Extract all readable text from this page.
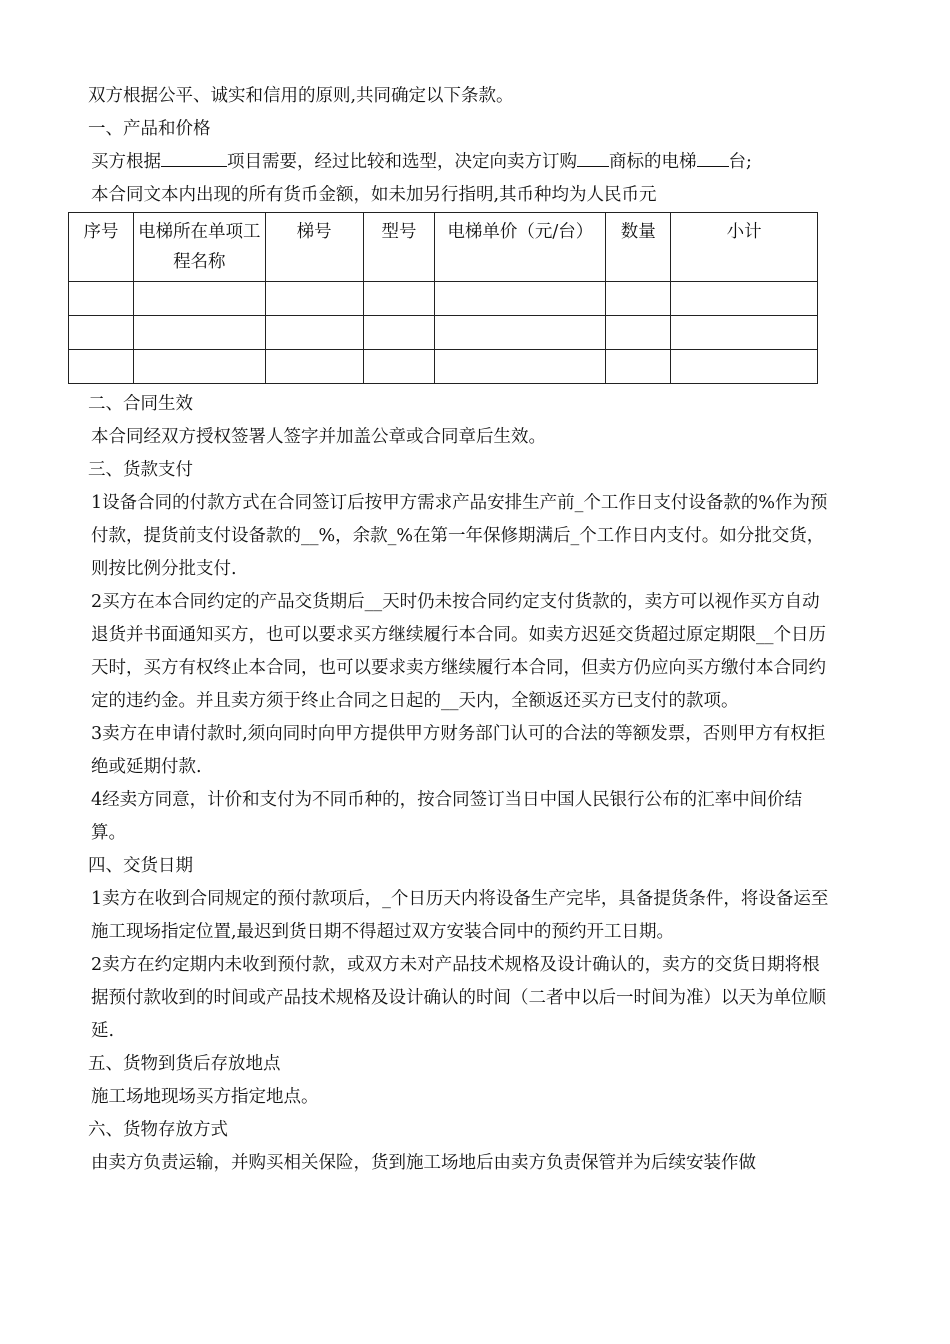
双方根据公平、诚实和信用的原则,共同确定以下条款。
一、产品和价格
买方根据	项目需要，经过比较和选型，决定向卖方订购 商标的电梯 台;
本合同文本内出现的所有货币金额，如未加另行指明,其币种均为人民币元
序号	电梯所在单项工程名称	梯号	型号	电梯单价（元/台）	数量	小计

二、合同生效
本合同经双方授权签署人签字并加盖公章或合同章后生效。
三、货款支付

1设备合同的付款方式在合同签订后按甲方需求产品安排生产前_个工作日支付设备款的%作为预付款，提货前支付设备款的__%，余款_%在第一年保修期满后_个工作日内支付。如分批交货，则按比例分批支付.

2买方在本合同约定的产品交货期后__天时仍未按合同约定支付货款的，卖方可以视作买方自动退货并书面通知买方，也可以要求买方继续履行本合同。如卖方迟延交货超过原定期限__个日历天时，买方有权终止本合同，也可以要求卖方继续履行本合同，但卖方仍应向买方缴付本合同约定的违约金。并且卖方须于终止合同之日起的__天内，全额返还买方已支付的款项。

3卖方在申请付款时,须向同时向甲方提供甲方财务部门认可的合法的等额发票，否则甲方有权拒绝或延期付款.

4经卖方同意，计价和支付为不同币种的，按合同签订当日中国人民银行公布的汇率中间价结算。

四、交货日期

1卖方在收到合同规定的预付款项后，_个日历天内将设备生产完毕，具备提货条件，将设备运至施工现场指定位置,最迟到货日期不得超过双方安装合同中的预约开工日期。

2卖方在约定期内未收到预付款，或双方未对产品技术规格及设计确认的，卖方的交货日期将根据预付款收到的时间或产品技术规格及设计确认的时间（二者中以后一时间为准）以天为单位顺延.

五、货物到货后存放地点
施工场地现场买方指定地点。
六、货物存放方式
由卖方负责运输，并购买相关保险，货到施工场地后由卖方负责保管并为后续安装作做
